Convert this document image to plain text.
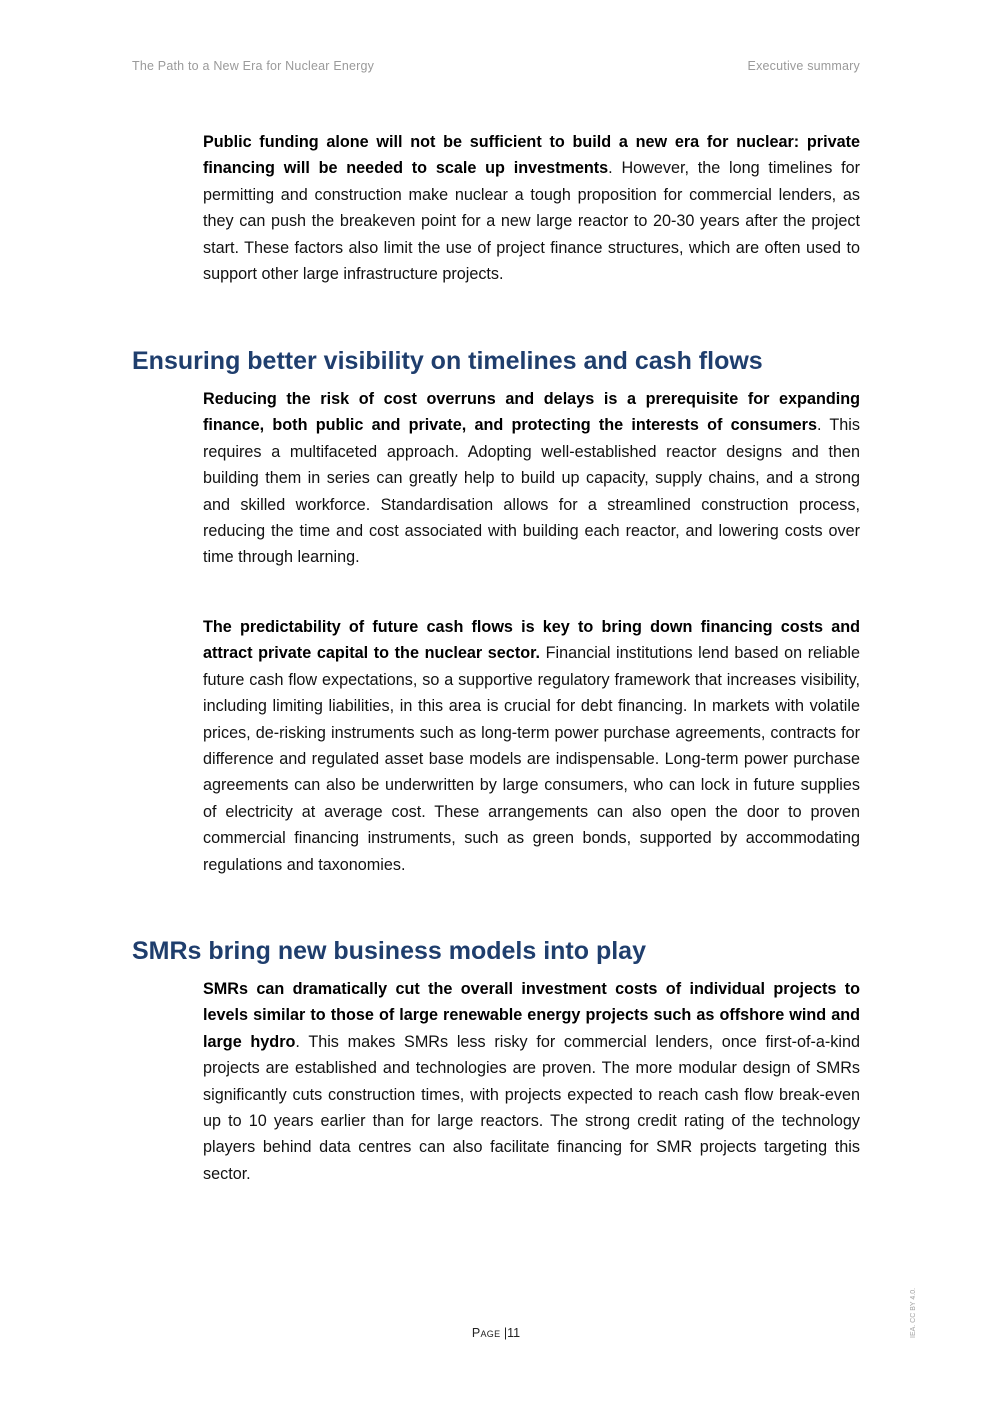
The Path to a New Era for Nuclear Energy	Executive summary

Public funding alone will not be sufficient to build a new era for nuclear: private financing will be needed to scale up investments. However, the long timelines for permitting and construction make nuclear a tough proposition for commercial lenders, as they can push the breakeven point for a new large reactor to 20-30 years after the project start. These factors also limit the use of project finance structures, which are often used to support other large infrastructure projects.

Ensuring better visibility on timelines and cash flows

Reducing the risk of cost overruns and delays is a prerequisite for expanding finance, both public and private, and protecting the interests of consumers. This requires a multifaceted approach. Adopting well-established reactor designs and then building them in series can greatly help to build up capacity, supply chains, and a strong and skilled workforce. Standardisation allows for a streamlined construction process, reducing the time and cost associated with building each reactor, and lowering costs over time through learning.

The predictability of future cash flows is key to bring down financing costs and attract private capital to the nuclear sector. Financial institutions lend based on reliable future cash flow expectations, so a supportive regulatory framework that increases visibility, including limiting liabilities, in this area is crucial for debt financing. In markets with volatile prices, de-risking instruments such as long-term power purchase agreements, contracts for difference and regulated asset base models are indispensable. Long-term power purchase agreements can also be underwritten by large consumers, who can lock in future supplies of electricity at average cost. These arrangements can also open the door to proven commercial financing instruments, such as green bonds, supported by accommodating regulations and taxonomies.

SMRs bring new business models into play

SMRs can dramatically cut the overall investment costs of individual projects to levels similar to those of large renewable energy projects such as offshore wind and large hydro. This makes SMRs less risky for commercial lenders, once first-of-a-kind projects are established and technologies are proven. The more modular design of SMRs significantly cuts construction times, with projects expected to reach cash flow break-even up to 10 years earlier than for large reactors. The strong credit rating of the technology players behind data centres can also facilitate financing for SMR projects targeting this sector.

Page |11	IEA. CC BY 4.0.
